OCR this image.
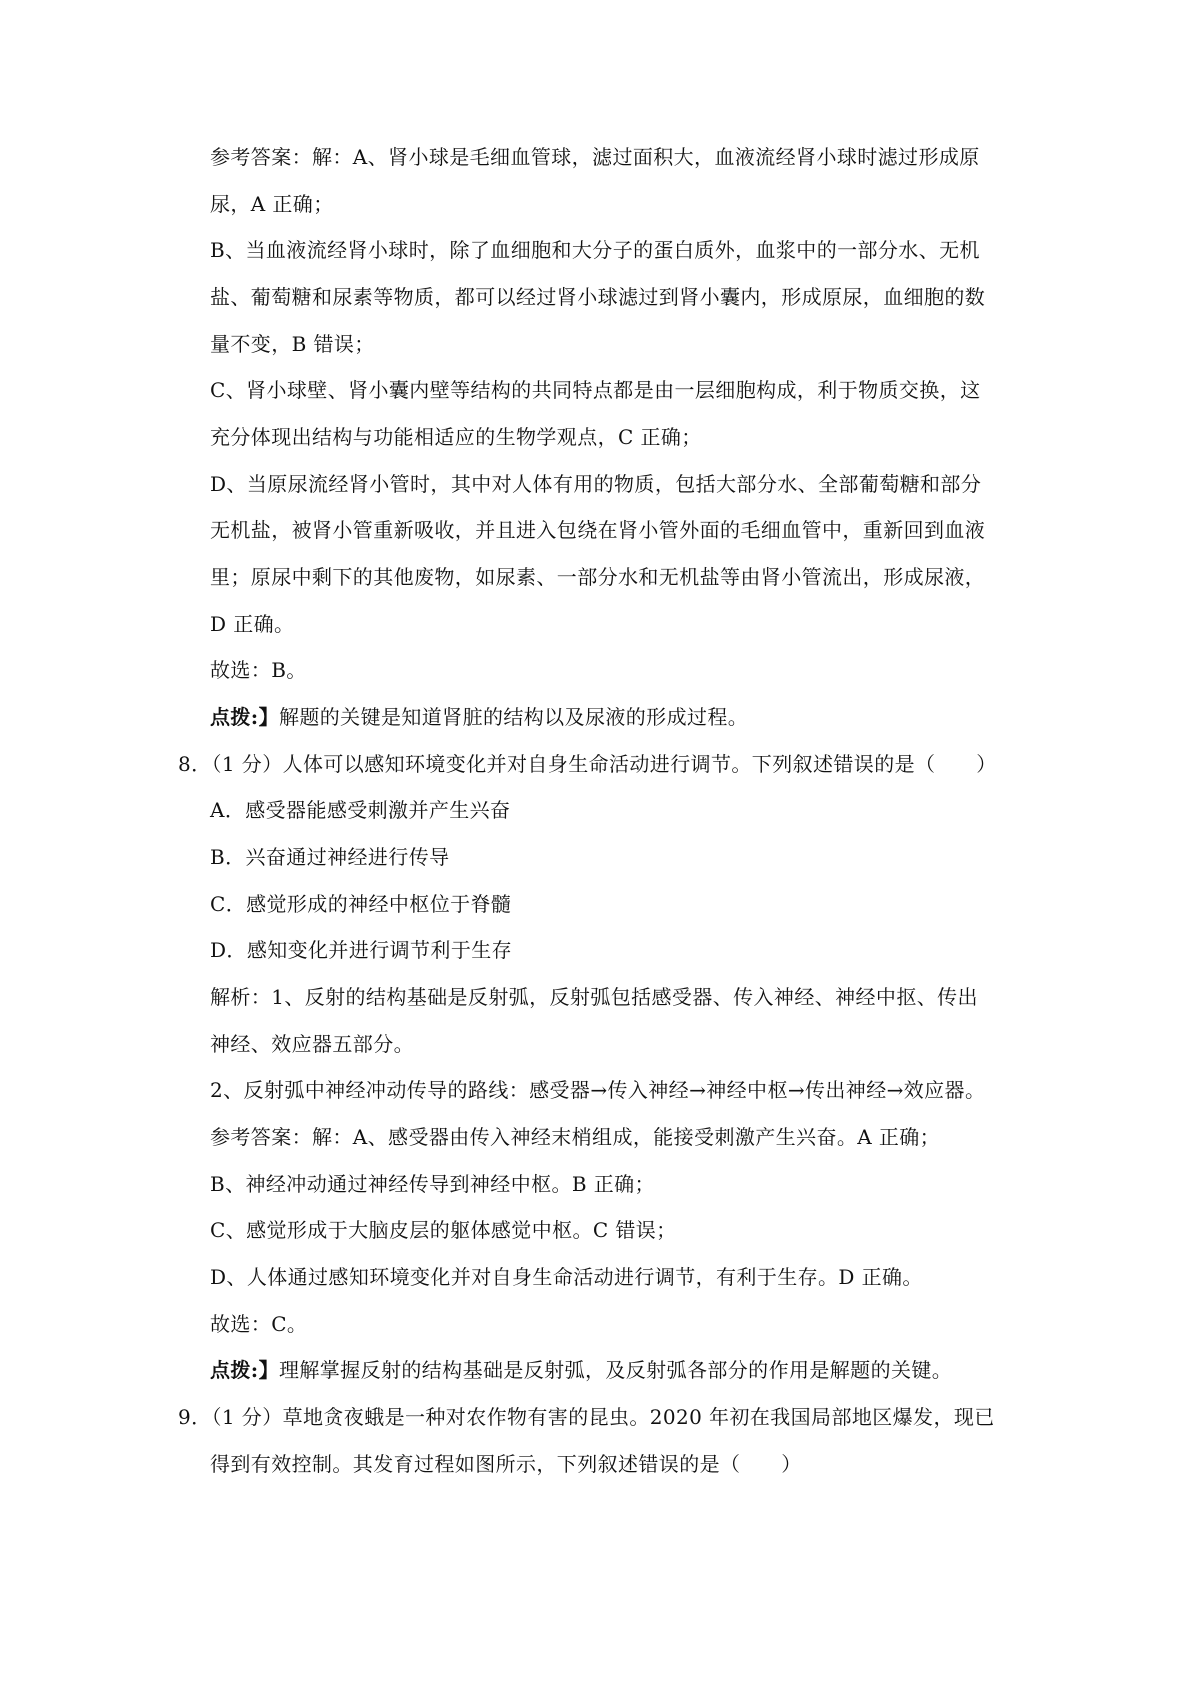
参考答案：解：A、肾小球是毛细血管球，滤过面积大，血液流经肾小球时滤过形成原
尿，A 正确；
B、当血液流经肾小球时，除了血细胞和大分子的蛋白质外，血浆中的一部分水、无机
盐、葡萄糖和尿素等物质，都可以经过肾小球滤过到肾小囊内，形成原尿，血细胞的数
量不变，B 错误；
C、肾小球壁、肾小囊内壁等结构的共同特点都是由一层细胞构成，利于物质交换，这
充分体现出结构与功能相适应的生物学观点，C 正确；
D、当原尿流经肾小管时，其中对人体有用的物质，包括大部分水、全部葡萄糖和部分
无机盐，被肾小管重新吸收，并且进入包绕在肾小管外面的毛细血管中，重新回到血液
里；原尿中剩下的其他废物，如尿素、一部分水和无机盐等由肾小管流出，形成尿液，
D 正确。
故选：B。
点拨:】解题的关键是知道肾脏的结构以及尿液的形成过程。
8．（1 分）人体可以感知环境变化并对自身生命活动进行调节。下列叙述错误的是（　　）
A．感受器能感受刺激并产生兴奋
B．兴奋通过神经进行传导
C．感觉形成的神经中枢位于脊髓
D．感知变化并进行调节利于生存
解析：1、反射的结构基础是反射弧，反射弧包括感受器、传入神经、神经中抠、传出
神经、效应器五部分。
2、反射弧中神经冲动传导的路线：感受器→传入神经→神经中枢→传出神经→效应器。
参考答案：解：A、感受器由传入神经末梢组成，能接受刺激产生兴奋。A 正确；
B、神经冲动通过神经传导到神经中枢。B 正确；
C、感觉形成于大脑皮层的躯体感觉中枢。C 错误；
D、人体通过感知环境变化并对自身生命活动进行调节，有利于生存。D 正确。
故选：C。
点拨:】理解掌握反射的结构基础是反射弧，及反射弧各部分的作用是解题的关键。
9．（1 分）草地贪夜蛾是一种对农作物有害的昆虫。2020 年初在我国局部地区爆发，现已
得到有效控制。其发育过程如图所示，下列叙述错误的是（　　）
